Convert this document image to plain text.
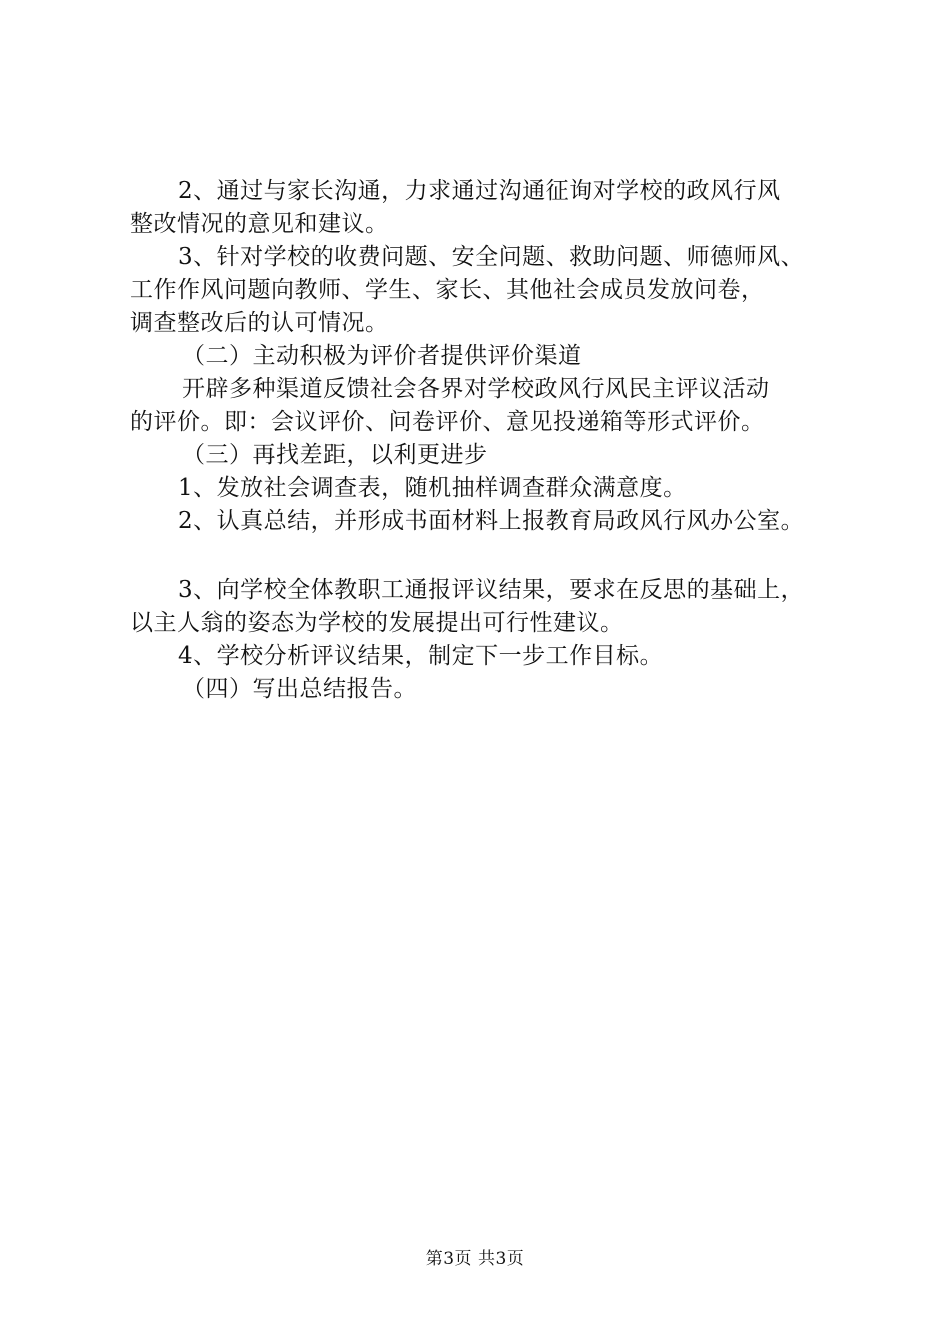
2、通过与家长沟通，力求通过沟通征询对学校的政风行风
整改情况的意见和建议。
3、针对学校的收费问题、安全问题、救助问题、师德师风、
工作作风问题向教师、学生、家长、其他社会成员发放问卷，
调查整改后的认可情况。
（二）主动积极为评价者提供评价渠道
开辟多种渠道反馈社会各界对学校政风行风民主评议活动
的评价。即：会议评价、问卷评价、意见投递箱等形式评价。
（三）再找差距，以利更进步
1、发放社会调查表，随机抽样调查群众满意度。
2、认真总结，并形成书面材料上报教育局政风行风办公室。
3、向学校全体教职工通报评议结果，要求在反思的基础上，
以主人翁的姿态为学校的发展提出可行性建议。
4、学校分析评议结果，制定下一步工作目标。
（四）写出总结报告。
第3页 共3页
